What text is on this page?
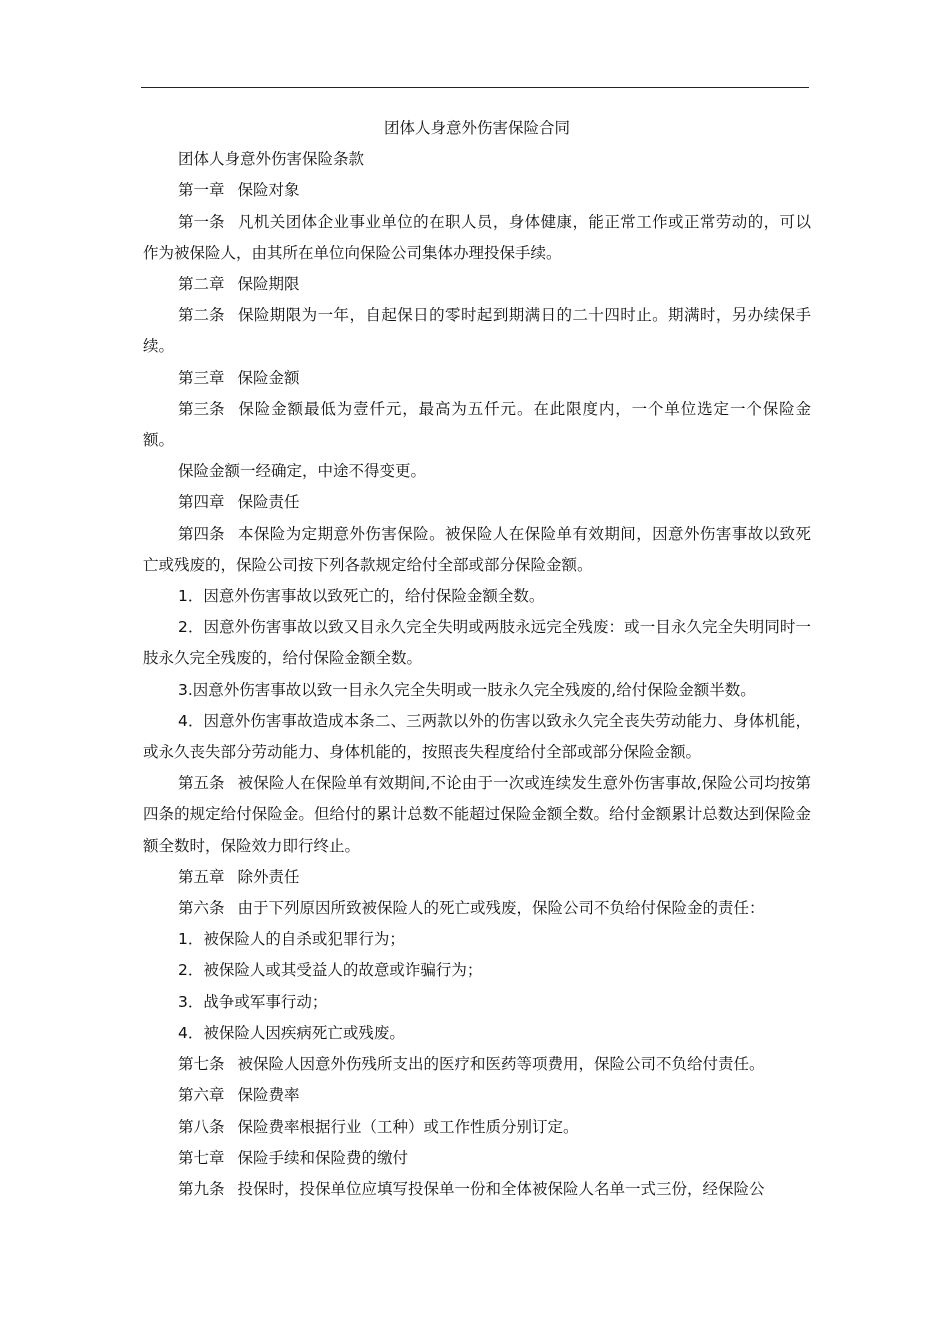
团体人身意外伤害保险合同

团体人身意外伤害保险条款

第一章 保险对象

第一条 凡机关团体企业事业单位的在职人员，身体健康，能正常工作或正常劳动的，可以作为被保险人，由其所在单位向保险公司集体办理投保手续。

第二章 保险期限

第二条 保险期限为一年，自起保日的零时起到期满日的二十四时止。期满时，另办续保手续。

第三章 保险金额

第三条 保险金额最低为壹仟元，最高为五仟元。在此限度内，一个单位选定一个保险金额。

保险金额一经确定，中途不得变更。

第四章 保险责任

第四条 本保险为定期意外伤害保险。被保险人在保险单有效期间，因意外伤害事故以致死亡或残废的，保险公司按下列各款规定给付全部或部分保险金额。

1．因意外伤害事故以致死亡的，给付保险金额全数。

2．因意外伤害事故以致又目永久完全失明或两肢永远完全残废：或一目永久完全失明同时一肢永久完全残废的，给付保险金额全数。

3.因意外伤害事故以致一目永久完全失明或一肢永久完全残废的,给付保险金额半数。

4．因意外伤害事故造成本条二、三两款以外的伤害以致永久完全丧失劳动能力、身体机能，或永久丧失部分劳动能力、身体机能的，按照丧失程度给付全部或部分保险金额。

第五条 被保险人在保险单有效期间,不论由于一次或连续发生意外伤害事故,保险公司均按第四条的规定给付保险金。但给付的累计总数不能超过保险金额全数。给付金额累计总数达到保险金额全数时，保险效力即行终止。

第五章 除外责任

第六条 由于下列原因所致被保险人的死亡或残废，保险公司不负给付保险金的责任：

1．被保险人的自杀或犯罪行为；

2．被保险人或其受益人的故意或诈骗行为；

3．战争或军事行动；

4．被保险人因疾病死亡或残废。

第七条 被保险人因意外伤残所支出的医疗和医药等项费用，保险公司不负给付责任。

第六章 保险费率

第八条 保险费率根据行业（工种）或工作性质分别订定。

第七章 保险手续和保险费的缴付

第九条 投保时，投保单位应填写投保单一份和全体被保险人名单一式三份，经保险公
